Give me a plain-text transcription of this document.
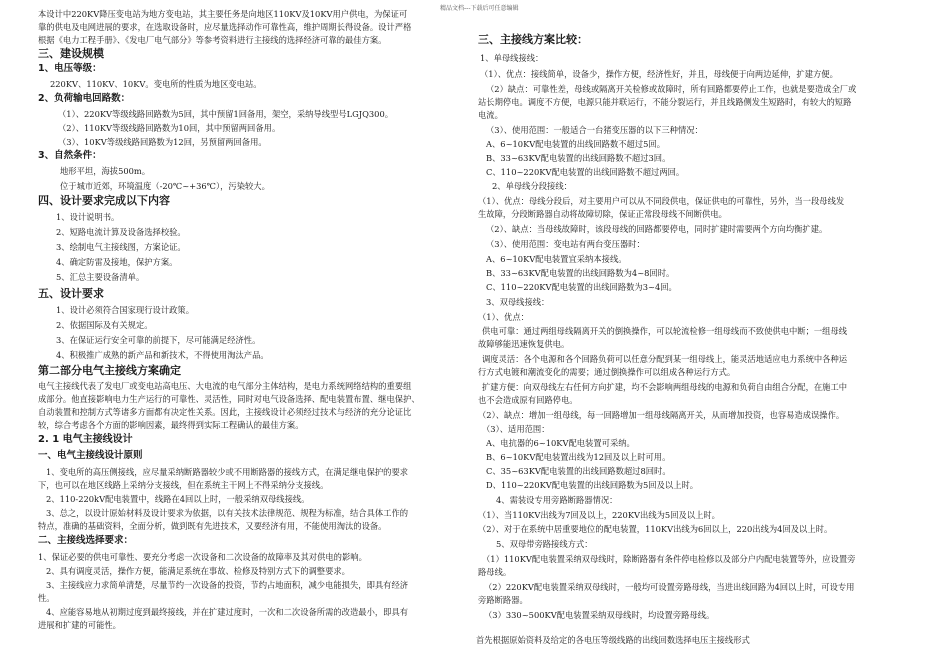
精品文档---下载后可任意编辑
本设计中220KV降压变电站为地方变电站，其主要任务是向地区110KV及10KV用户供电，为保证可
靠的供电及电网进展的要求，在选取设备时，应尽量选择动作可靠性高，维护周期长得设备。设计严格
根据《电力工程手册》、《发电厂电气部分》等参考资料进行主接线的选择经济可靠的最佳方案。
三、建设规模
1、电压等级：
220KV、110KV、10KV。变电所的性质为地区变电站。
2、负荷输电回路数：
（1）、220KV等级线路回路数为5回，其中预留1回备用，架空，采纳导线型号LGJQ300。
（2）、110KV等级线路回路数为10回，其中预留两回备用。
（3）、10KV等级线路回路数为12回，另预留两回备用。
3、自然条件：
地形平坦，海拔500m。
位于城市近郊，环境温度（-20℃~+36℃），污染较大。
四、设计要求完成以下内容
1、设计说明书。
2、短路电流计算及设备选择校验。
3、绘制电气主接线图，方案论证。
4、确定防雷及接地，保护方案。
5、汇总主要设备清单。
五、设计要求
1、设计必须符合国家现行设计政策。
2、依据国际及有关规定。
3、在保证运行安全可靠的前提下，尽可能满足经济性。
4、积极推广成熟的新产品和新技术，不得使用淘汰产品。
第二部分电气主接线方案确定
电气主接线代表了发电厂或变电站高电压、大电流的电气部分主体结构，是电力系统网络结构的重要组
成部分。他直接影响电力生产运行的可靠性、灵活性，同时对电气设备选择、配电装置布置、继电保护、
自动装置和控制方式等诸多方面都有决定性关系。因此，主接线设计必须经过技术与经济的充分论证比
较，综合考虑各个方面的影响因素，最终得到实际工程确认的最佳方案。
2. 1 电气主接线设计
一、电气主接线设计原则
1、变电所的高压侧接线，应尽量采纳断路器较少或不用断路器的接线方式，在满足继电保护的要求
下，也可以在地区线路上采纳分支接线，但在系统主干网上不得采纳分支接线。
2、110-220kV配电装置中，线路在4回以上时，一般采纳双母线接线。
3、总之，以设计原始材料及设计要求为依据，以有关技术法律规范、规程为标准，结合具体工作的
特点，准确的基础资料，全面分析，做到既有先进技术，又要经济有用，不能使用淘汰的设备。
二、主接线选择要求：
1、保证必要的供电可靠性、要充分考虑一次设备和二次设备的故障率及其对供电的影响。
2、具有调度灵活，操作方便，能满足系统在事故、检修及特别方式下的调整要求。
3、主接线应力求简单清楚，尽量节约一次设备的投资，节约占地面积，减少电能损失，即具有经济
性。
4、应能容易地从初期过度到最终接线，并在扩建过度时，一次和二次设备所需的改造最小，即具有
进展和扩建的可能性。
三、主接线方案比较：
1、单母线接线：
（1）、优点：接线简单，设备少，操作方便，经济性好，并且，母线便于向两边延伸，扩建方便。
（2）缺点：可靠性差，母线或隔离开关检修或故障时，所有回路都要停止工作，也就是要造成全厂或
站长期停电。调度不方便，电源只能并联运行，不能分裂运行，并且线路侧发生短路时，有较大的短路
电流。
（3）、使用范围：一般适合一台猪变压器的以下三种情况：
A、6~10KV配电装置的出线回路数不超过5回。
B、33~63KV配电装置的出线回路数不超过3回。
C、110~220KV配电装置的出线回路数不超过两回。
2、单母线分段接线：
（1）、优点：母线分段后，对主要用户可以从不同段供电，保证供电的可靠性，另外，当一段母线发
生故障，分段断路器自动将故障切除，保证正常段母线不间断供电。
（2）、缺点：当母线故障时，该段母线的回路都要停电，同时扩建时需要两个方向均衡扩建。
（3）、使用范围：变电站有两台变压器时：
A、6~10KV配电装置宜采纳本接线。
B、33~63KV配电装置的出线回路数为4~8回时。
C、110~220KV配电装置的出线回路数为3~4回。
3、双母线接线：
（1）、优点：
供电可靠：通过两组母线隔离开关的倒换操作，可以轮流检修一组母线而不致使供电中断；一组母线
故障够能迅速恢复供电。
调度灵活：各个电源和各个回路负荷可以任意分配到某一组母线上，能灵活地适应电力系统中各种运
行方式电镀和潮流变化的需要；通过倒换操作可以组成各种运行方式。
扩建方便：向双母线左右任何方向扩建，均不会影响两组母线的电源和负荷自由组合分配，在施工中
也不会造成原有回路停电。
（2）、缺点：增加一组母线，每一回路增加一组母线隔离开关，从而增加投资，也容易造成误操作。
（3）、适用范围：
A、电抗器的6~10KV配电装置可采纳。
B、6~10KV配电装置出线为12回及以上时可用。
C、35~63KV配电装置的出线回路数超过8回时。
D、110~220KV配电装置的出线回路数为5回及以上时。
4、需装设专用旁路断路器情况：
（1）、当110KV出线为7回及以上，220KV出线为5回及以上时。
（2）、对于在系统中居重要地位的配电装置，110KV出线为6回以上，220出线为4回及以上时。
5、双母带旁路接线方式：
（1）110KV配电装置采纳双母线时，除断路器有条件停电检修以及部分户内配电装置等外，应设置旁
路母线。
（2）220KV配电装置采纳双母线时，一般均可设置旁路母线，当进出线回路为4回以上时，可设专用
旁路断路器。
（3）330~500KV配电装置采纳双母线时，均设置旁路母线。
首先根据原始资料及给定的各电压等级线路的出线回数选择电压主接线形式
